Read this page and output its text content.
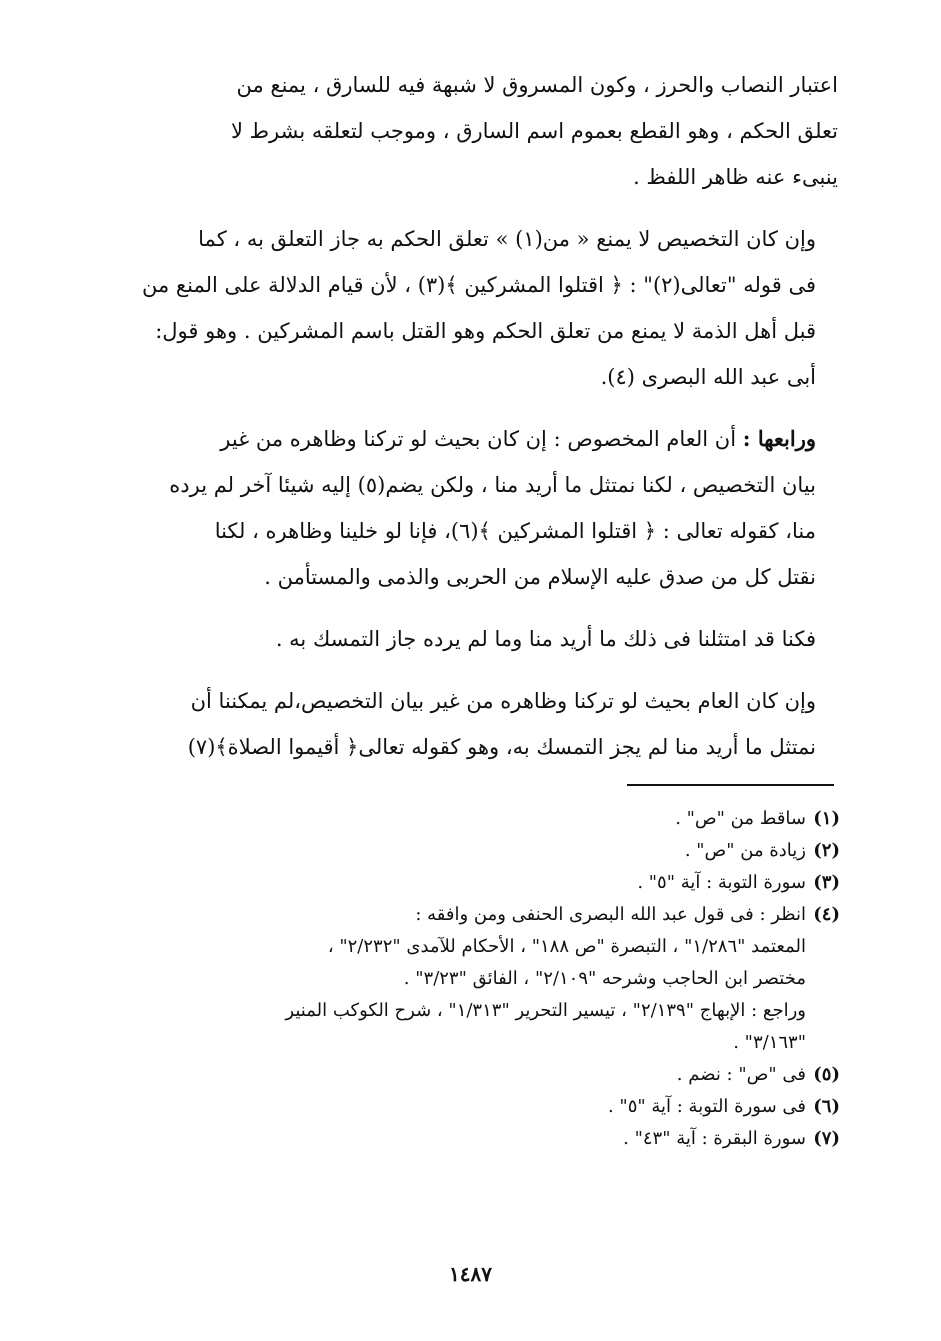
اعتبار النصاب والحرز ، وكون المسروق لا شبهة فيه للسارق ، يمنع من
تعلق الحكم ، وهو القطع بعموم اسم السارق ، وموجب لتعلقه بشرط لا
ينبىء عنه ظاهر اللفظ .

وإن كان التخصيص لا يمنع « من(١) » تعلق الحكم به جاز التعلق به ، كما
فى قوله "تعالى(٢)" : ﴿ اقتلوا المشركين ﴾(٣) ، لأن قيام الدلالة على المنع من
قبل أهل الذمة لا يمنع من تعلق الحكم وهو القتل باسم المشركين . وهو قول:
أبى عبد الله البصرى (٤).

ورابعها : أن العام المخصوص : إن كان بحيث لو تركنا وظاهره من غير
بيان التخصيص ، لكنا نمتثل ما أريد منا ، ولكن يضم(٥) إليه شيئا آخر لم يرده
منا، كقوله تعالى : ﴿ اقتلوا المشركين ﴾(٦)، فإنا لو خلينا وظاهره ، لكنا
نقتل كل من صدق عليه الإسلام من الحربى والذمى والمستأمن .

فكنا قد امتثلنا فى ذلك ما أريد منا وما لم يرده جاز التمسك به .

وإن كان العام بحيث لو تركنا وظاهره من غير بيان التخصيص،لم يمكننا أن
نمتثل ما أريد منا لم يجز التمسك به، وهو كقوله تعالى﴿ أقيموا الصلاة﴾(٧)

(١)
ساقط من "ص" .
(٢)
زيادة من "ص" .
(٣)
سورة التوبة : آية "٥" .
(٤)
انظر : فى قول عبد الله البصرى الحنفى ومن وافقه :
المعتمد "١/٢٨٦" ، التبصرة "ص ١٨٨" ، الأحكام للآمدى "٢/٢٣٢" ،
مختصر ابن الحاجب وشرحه "٢/١٠٩" ، الفائق "٣/٢٣" .
وراجع : الإبهاج "٢/١٣٩" ، تيسير التحرير "١/٣١٣" ، شرح الكوكب المنير
"٣/١٦٣" .
(٥)
فى "ص" : نضم .
(٦)
فى سورة التوبة : آية "٥" .
(٧)
سورة البقرة : آية "٤٣" .
١٤٨٧
